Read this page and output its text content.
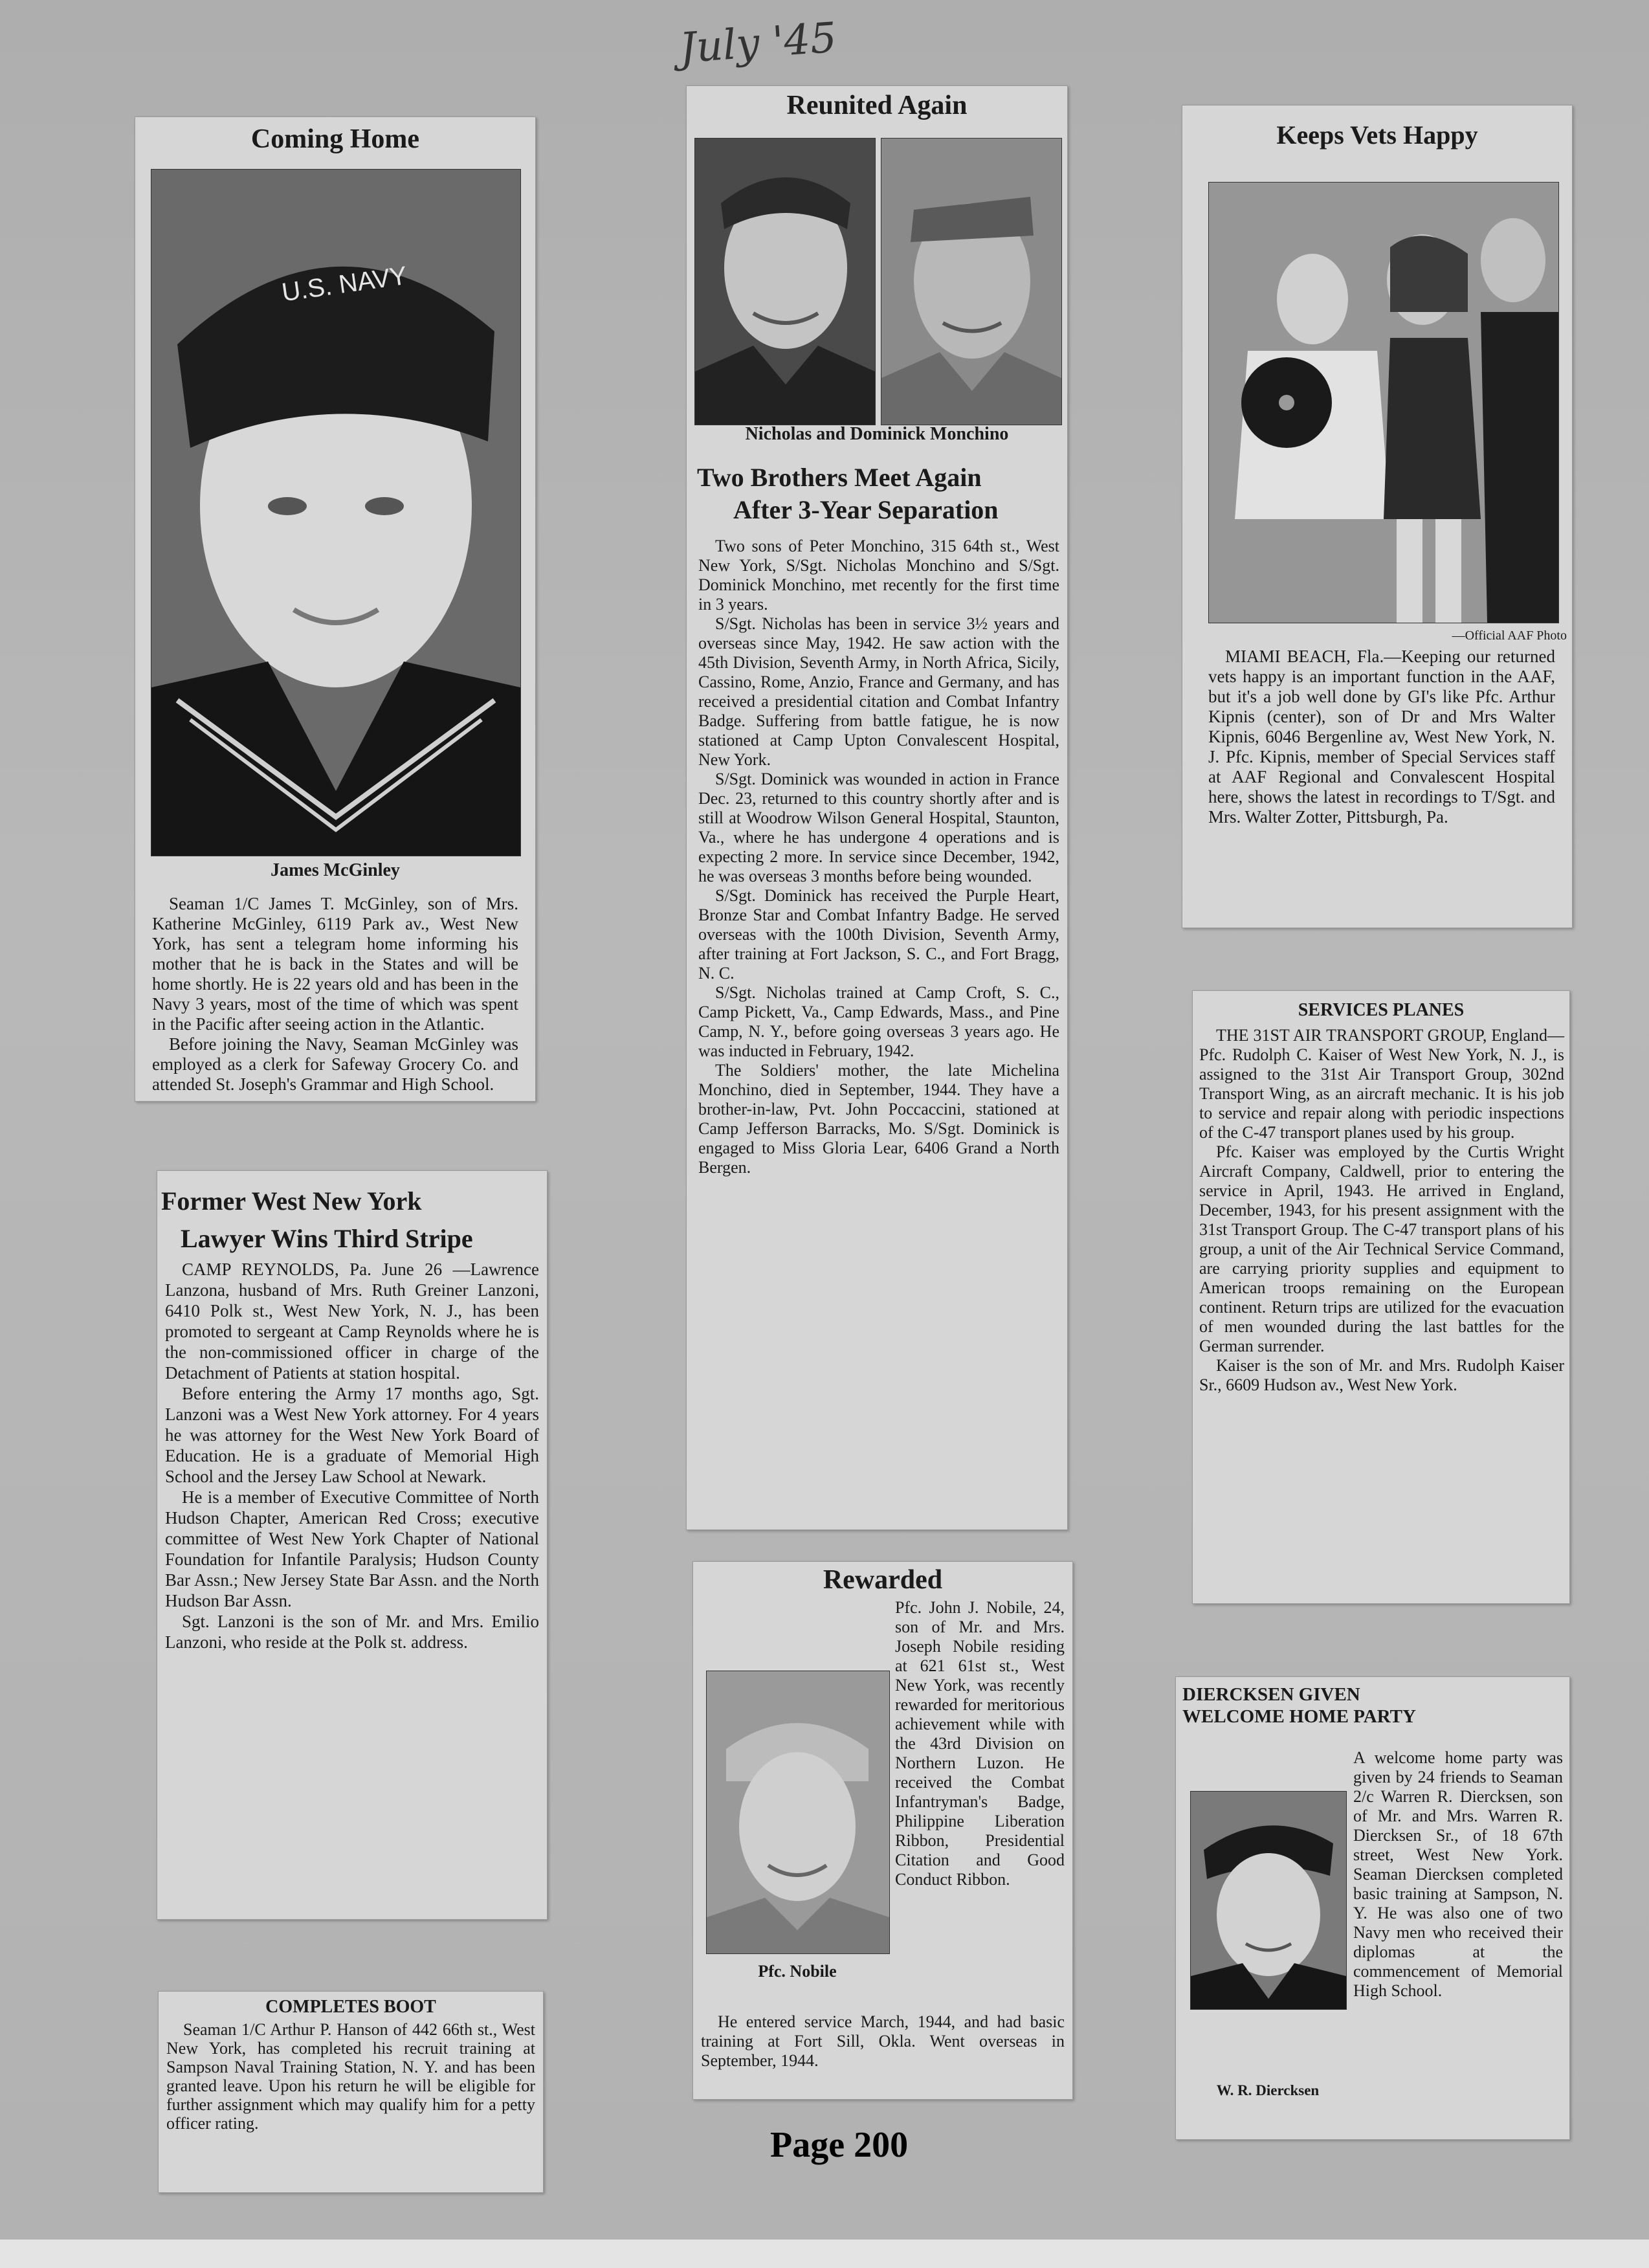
July '45
Coming Home
U.S. NAVY

James McGinley

Seaman 1/C James T. McGinley, son of Mrs. Katherine McGinley, 6119 Park av., West New York, has sent a telegram home informing his mother that he is back in the States and will be home shortly. He is 22 years old and has been in the Navy 3 years, most of the time of which was spent in the Pacific after seeing action in the Atlantic.

Before joining the Navy, Seaman McGinley was employed as a clerk for Safeway Grocery Co. and attended St. Joseph's Grammar and High School.

Reunited Again

Nicholas and Dominick Monchino

Two Brothers Meet Again
After 3-Year Separation

Two sons of Peter Monchino, 315 64th st., West New York, S/Sgt. Nicholas Monchino and S/Sgt. Dominick Monchino, met recently for the first time in 3 years.

S/Sgt. Nicholas has been in service 3½ years and overseas since May, 1942. He saw action with the 45th Division, Seventh Army, in North Africa, Sicily, Cassino, Rome, Anzio, France and Germany, and has received a presidential citation and Combat Infantry Badge. Suffering from battle fatigue, he is now stationed at Camp Upton Convalescent Hospital, New York.

S/Sgt. Dominick was wounded in action in France Dec. 23, returned to this country shortly after and is still at Woodrow Wilson General Hospital, Staunton, Va., where he has undergone 4 operations and is expecting 2 more. In service since December, 1942, he was overseas 3 months before being wounded.

S/Sgt. Dominick has received the Purple Heart, Bronze Star and Combat Infantry Badge. He served overseas with the 100th Division, Seventh Army, after training at Fort Jackson, S. C., and Fort Bragg, N. C.

S/Sgt. Nicholas trained at Camp Croft, S. C., Camp Pickett, Va., Camp Edwards, Mass., and Pine Camp, N. Y., before going overseas 3 years ago. He was inducted in February, 1942.

The Soldiers' mother, the late Michelina Monchino, died in September, 1944. They have a brother-in-law, Pvt. John Poccaccini, stationed at Camp Jefferson Barracks, Mo. S/Sgt. Dominick is engaged to Miss Gloria Lear, 6406 Grand a North Bergen.

Keeps Vets Happy

—Official AAF Photo

MIAMI BEACH, Fla.—Keeping our returned vets happy is an important function in the AAF, but it's a job well done by GI's like Pfc. Arthur Kipnis (center), son of Dr and Mrs Walter Kipnis, 6046 Bergenline av, West New York, N. J. Pfc. Kipnis, member of Special Services staff at AAF Regional and Convalescent Hospital here, shows the latest in recordings to T/Sgt. and Mrs. Walter Zotter, Pittsburgh, Pa.

Former West New York
Lawyer Wins Third Stripe

CAMP REYNOLDS, Pa. June 26 —Lawrence Lanzona, husband of Mrs. Ruth Greiner Lanzoni, 6410 Polk st., West New York, N. J., has been promoted to sergeant at Camp Reynolds where he is the non-commissioned officer in charge of the Detachment of Patients at station hospital.

Before entering the Army 17 months ago, Sgt. Lanzoni was a West New York attorney. For 4 years he was attorney for the West New York Board of Education. He is a graduate of Memorial High School and the Jersey Law School at Newark.

He is a member of Executive Committee of North Hudson Chapter, American Red Cross; executive committee of West New York Chapter of National Foundation for Infantile Paralysis; Hudson County Bar Assn.; New Jersey State Bar Assn. and the North Hudson Bar Assn.

Sgt. Lanzoni is the son of Mr. and Mrs. Emilio Lanzoni, who reside at the Polk st. address.

SERVICES PLANES

THE 31ST AIR TRANSPORT GROUP, England—Pfc. Rudolph C. Kaiser of West New York, N. J., is assigned to the 31st Air Transport Group, 302nd Transport Wing, as an aircraft mechanic. It is his job to service and repair along with periodic inspections of the C-47 transport planes used by his group.

Pfc. Kaiser was employed by the Curtis Wright Aircraft Company, Caldwell, prior to entering the service in April, 1943. He arrived in England, December, 1943, for his present assignment with the 31st Transport Group. The C-47 transport plans of his group, a unit of the Air Technical Service Command, are carrying priority supplies and equipment to American troops remaining on the European continent. Return trips are utilized for the evacuation of men wounded during the last battles for the German surrender.

Kaiser is the son of Mr. and Mrs. Rudolph Kaiser Sr., 6609 Hudson av., West New York.

Rewarded

Pfc. Nobile

Pfc. John J. Nobile, 24, son of Mr. and Mrs. Joseph Nobile residing at 621 61st st., West New York, was recently rewarded for meritorious achievement while with the 43rd Division on Northern Luzon. He received the Combat Infantryman's Badge, Philippine Liberation Ribbon, Presidential Citation and Good Conduct Ribbon.

He entered service March, 1944, and had basic training at Fort Sill, Okla. Went overseas in September, 1944.

COMPLETES BOOT

Seaman 1/C Arthur P. Hanson of 442 66th st., West New York, has completed his recruit training at Sampson Naval Training Station, N. Y. and has been granted leave. Upon his return he will be eligible for further assignment which may qualify him for a petty officer rating.

DIERCKSEN GIVEN
WELCOME HOME PARTY

W. R. Diercksen

A welcome home party was given by 24 friends to Seaman 2/c Warren R. Diercksen, son of Mr. and Mrs. Warren R. Diercksen Sr., of 18 67th street, West New York. Seaman Diercksen completed basic training at Sampson, N. Y. He was also one of two Navy men who received their diplomas at the commencement of Memorial High School.

Page 200
